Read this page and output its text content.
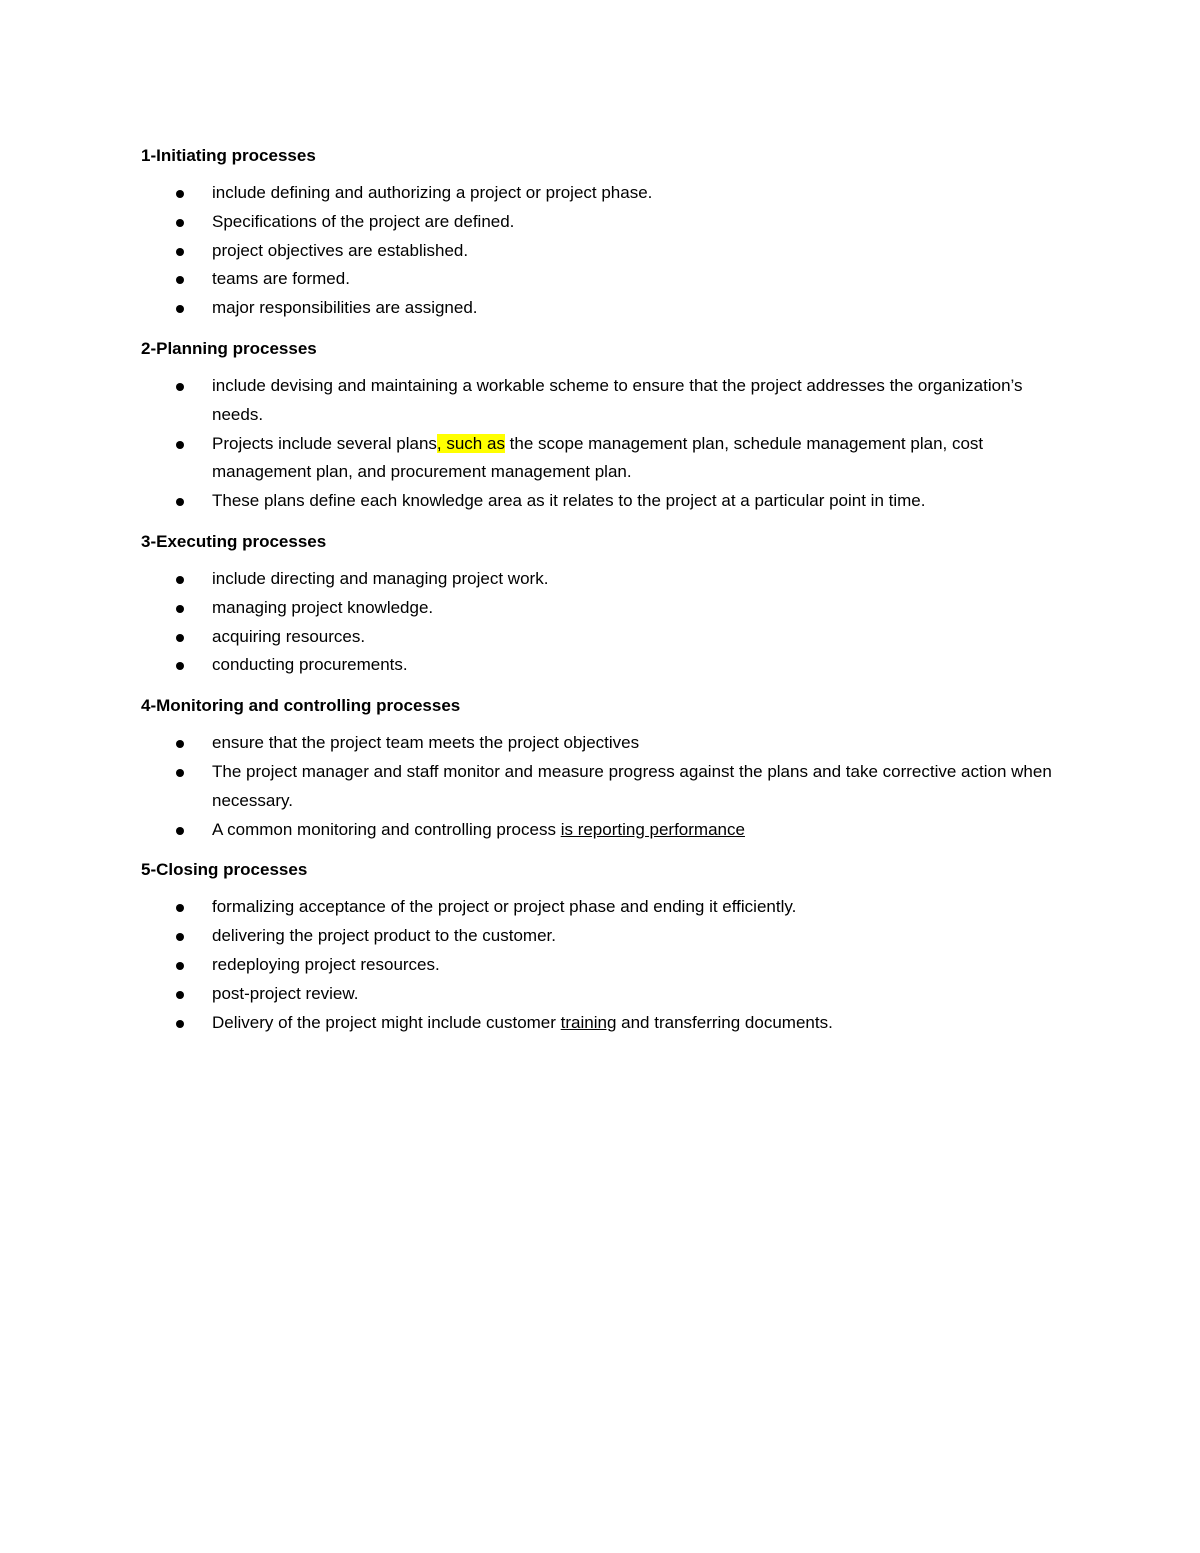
1-Initiating processes
include defining and authorizing a project or project phase.
Specifications of the project are defined.
project objectives are established.
teams are formed.
major responsibilities are assigned.
2-Planning processes
include devising and maintaining a workable scheme to ensure that the project addresses the organization’s needs.
Projects include several plans, such as the scope management plan, schedule management plan, cost management plan, and procurement management plan.
These plans define each knowledge area as it relates to the project at a particular point in time.
3-Executing processes
include directing and managing project work.
managing project knowledge.
acquiring resources.
conducting procurements.
4-Monitoring and controlling processes
ensure that the project team meets the project objectives
The project manager and staff monitor and measure progress against the plans and take corrective action when necessary.
A common monitoring and controlling process is reporting performance
5-Closing processes
formalizing acceptance of the project or project phase and ending it efficiently.
delivering the project product to the customer.
redeploying project resources.
post-project review.
Delivery of the project might include customer training and transferring documents.
